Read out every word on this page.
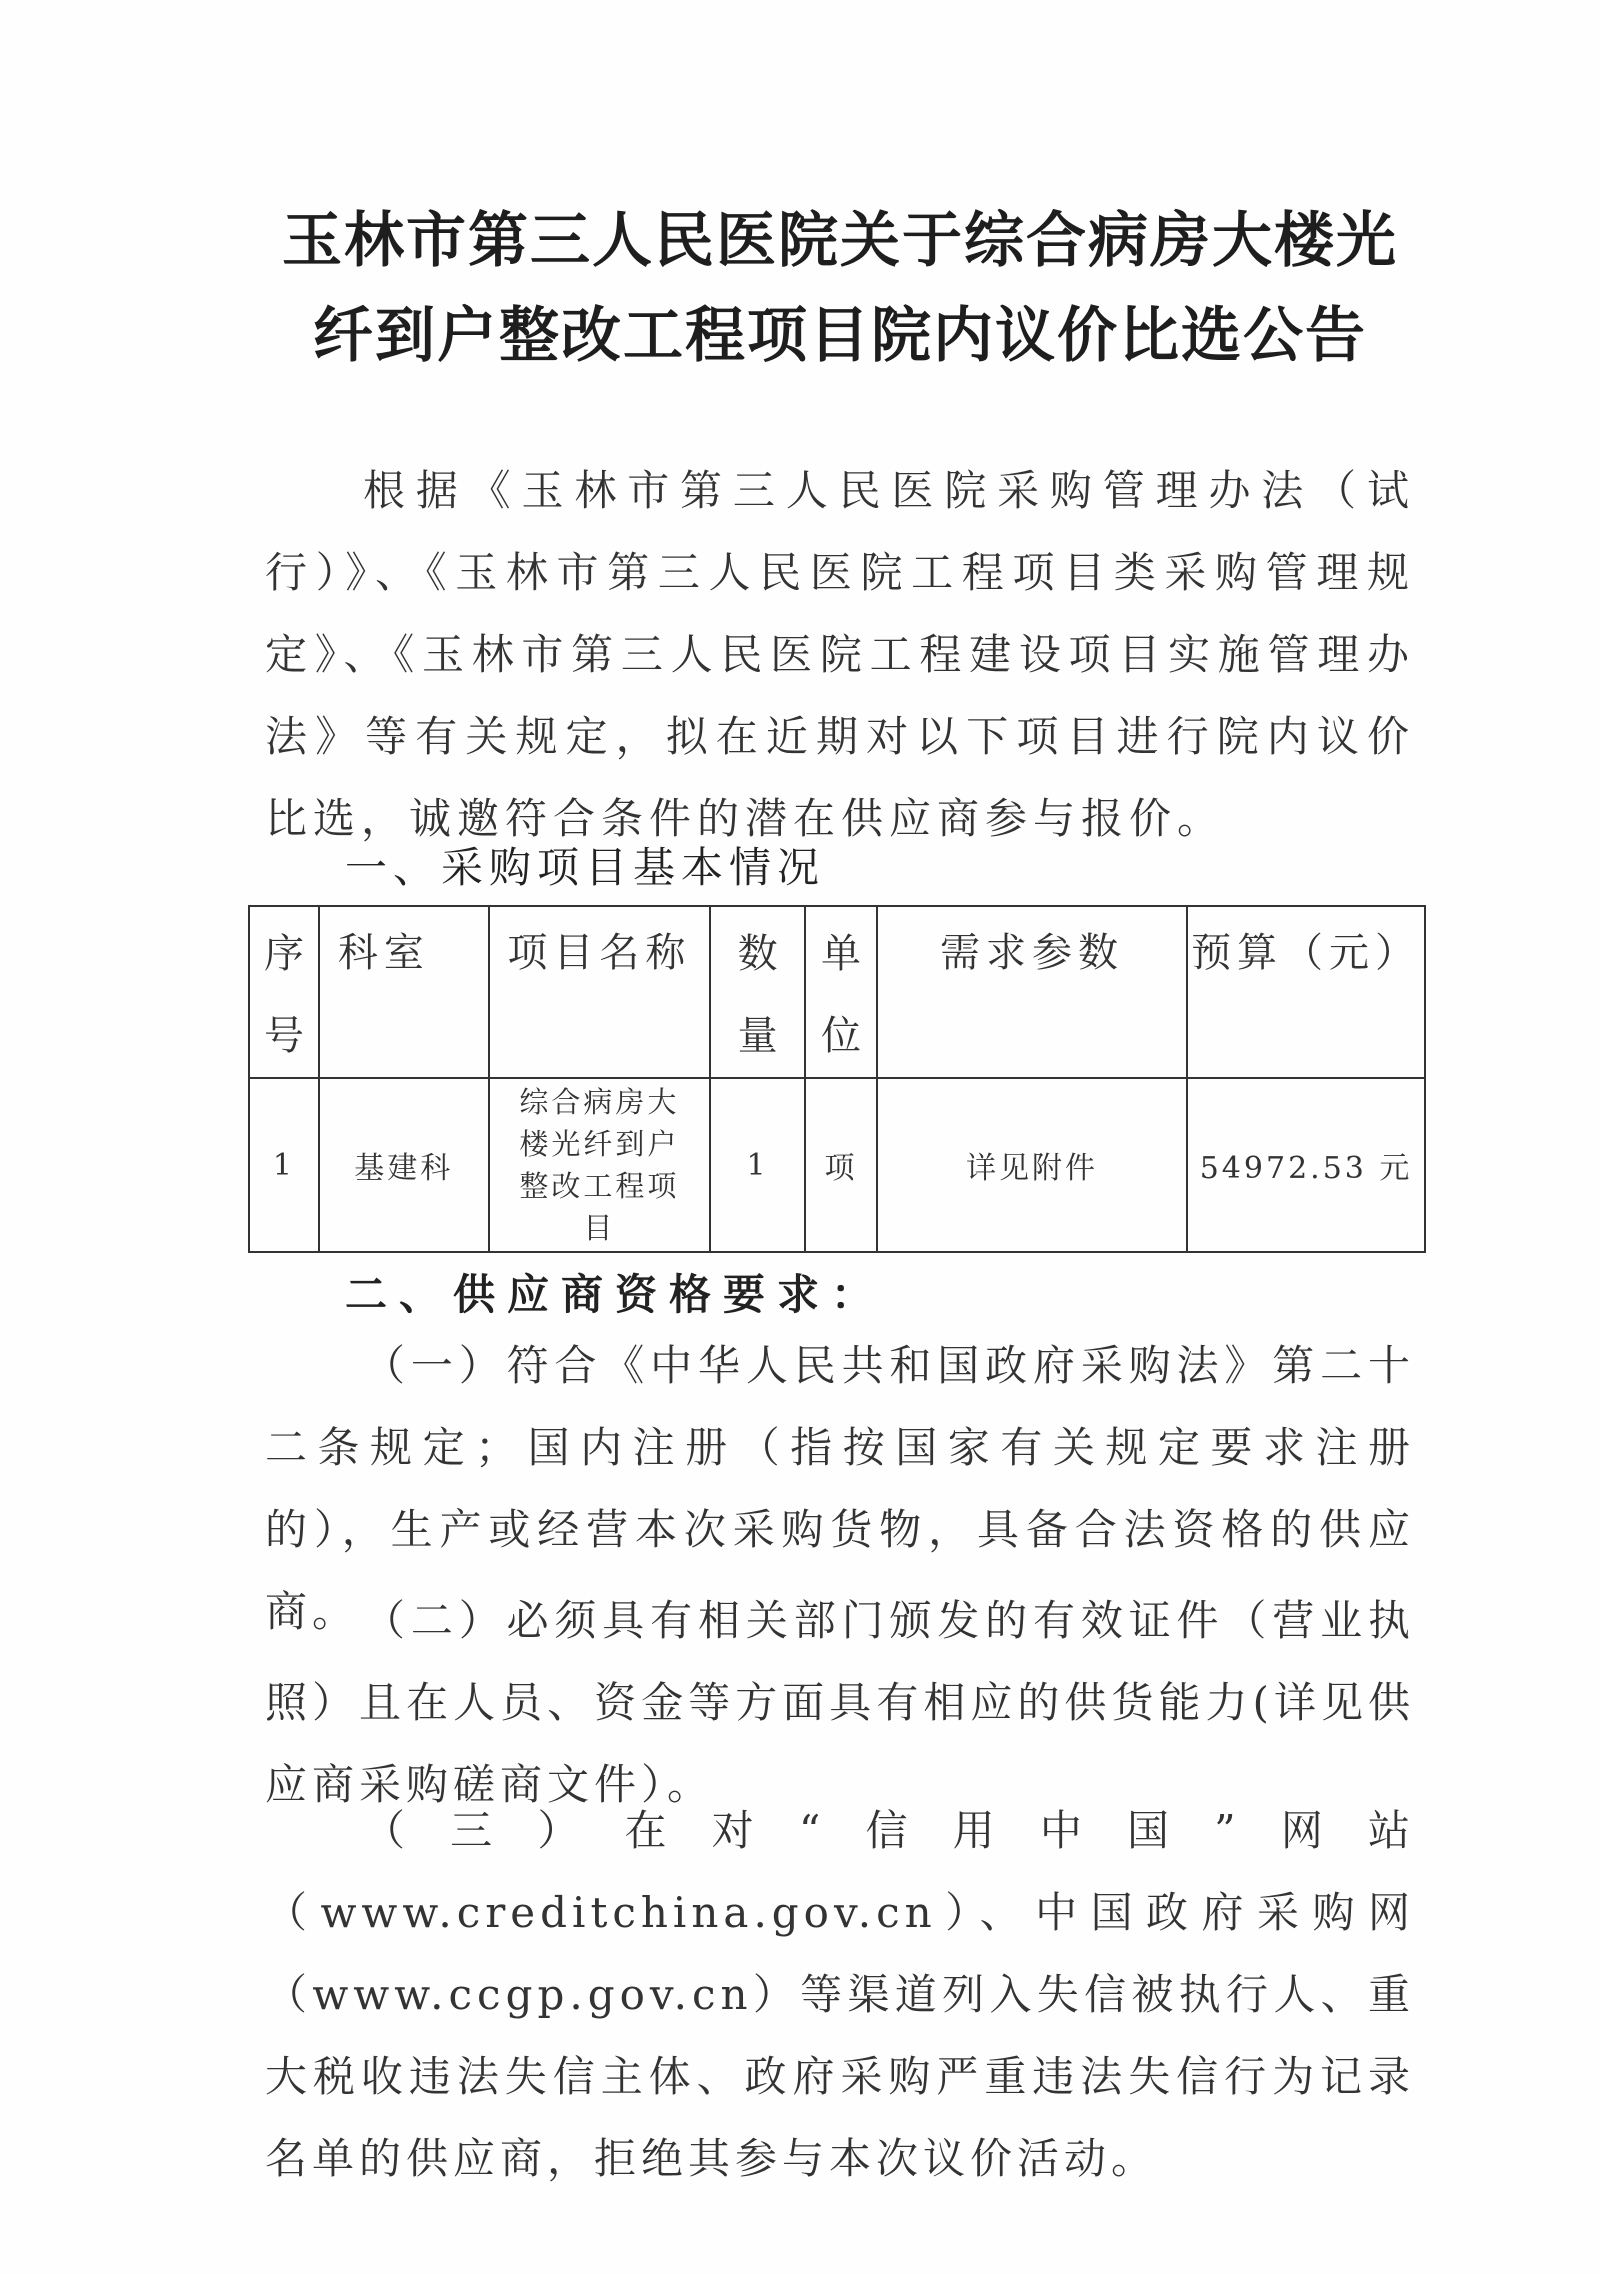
玉林市第三人民医院关于综合病房大楼光
纤到户整改工程项目院内议价比选公告
根据《玉林市第三人民医院采购管理办法（试行）》、《玉林市第三人民医院工程项目类采购管理规定》、《玉林市第三人民医院工程建设项目实施管理办法》等有关规定，拟在近期对以下项目进行院内议价比选，诚邀符合条件的潜在供应商参与报价。
一、采购项目基本情况
序号	科室	项目名称	数量	单位	需求参数	预算（元）
1	基建科	综合病房大楼光纤到户整改工程项目	1	项	详见附件	54972.53 元
二、供应商资格要求：
（一）符合《中华人民共和国政府采购法》第二十二条规定；国内注册（指按国家有关规定要求注册的），生产或经营本次采购货物，具备合法资格的供应商。 （二）必须具有相关部门颁发的有效证件（营业执照）且在人员、资金等方面具有相应的供货能力(详见供应商采购磋商文件）。
（三）在对“信用中国”网站（www.creditchina.gov.cn）、中国政府采购网（www.ccgp.gov.cn）等渠道列入失信被执行人、重大税收违法失信主体、政府采购严重违法失信行为记录名单的供应商，拒绝其参与本次议价活动。
